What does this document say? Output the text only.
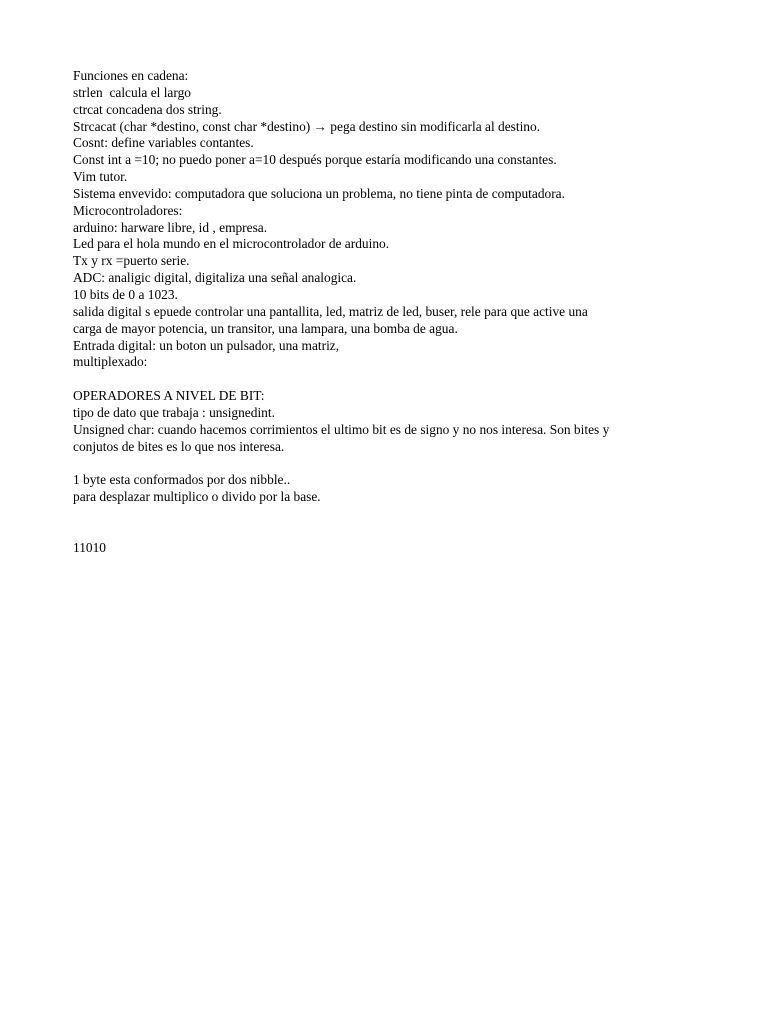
Funciones en cadena:
strlen  calcula el largo
ctrcat concadena dos string.
Strcacat (char *destino, const char *destino) → pega destino sin modificarla al destino.
Cosnt: define variables contantes.
Const int a =10; no puedo poner a=10 después porque estaría modificando una constantes.
Vim tutor.
Sistema envevido: computadora que soluciona un problema, no tiene pinta de computadora.
Microcontroladores:
arduino: harware libre, id , empresa.
Led para el hola mundo en el microcontrolador de arduino.
Tx y rx =puerto serie.
ADC: analigic digital, digitaliza una señal analogica.
10 bits de 0 a 1023.
salida digital s epuede controlar una pantallita, led, matriz de led, buser, rele para que active una
carga de mayor potencia, un transitor, una lampara, una bomba de agua.
Entrada digital: un boton un pulsador, una matriz,
multiplexado:
OPERADORES A NIVEL DE BIT:
tipo de dato que trabaja : unsignedint.
Unsigned char: cuando hacemos corrimientos el ultimo bit es de signo y no nos interesa. Son bites y
conjutos de bites es lo que nos interesa.
1 byte esta conformados por dos nibble..
para desplazar multiplico o divido por la base.
11010
